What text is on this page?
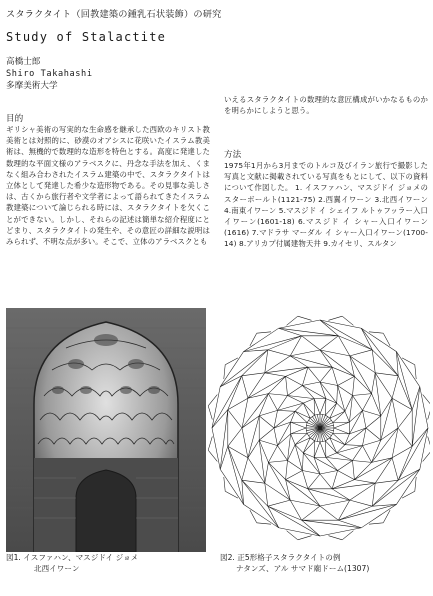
スタラクタイト（回教建築の鍾乳石状装飾）の研究
Study of Stalactite
高橋士郎
Shiro Takahashi
多摩美術大学
目的
ギリシャ美術の写実的な生命感を継承した西欧のキリスト教美術とは対照的に、砂漠のオアシスに花咲いたイスラム教美術は、無機的で数理的な造形を特色とする。高度に発達した数理的な平面文様のアラベスクに、丹念な手法を加え、くまなく組み合わされたイスラム建築の中で、スタラクタイトは立体として発達した希少な造形物である。その見事な美しさは、古くから旅行者や文学者によって語られてきたイスラム教建築について論じられる時には、スタラクタイトを欠くことができない。しかし、それらの記述は簡単な紹介程度にとどまり、スタラクタイトの発生や、その意匠の詳細な説明はみられず、不明な点が多い。そこで、立体のアラベスクとも
いえるスタラクタイトの数理的な意匠構成がいかなるものかを明らかにしようと思う。
方法
1975年1月から3月までのトルコ及びイラン旅行で撮影した写真と文献に掲載されている写真をもとにして、以下の資料について作図した。 1. イスファハン、マスジドイ ジョメのスターボールト(1121-75) 2.西翼イワーン 3.北西イワーン 4.南東イワーン 5.マスジド イ シェイフ ルトゥフッラー入口イワーン(1601-18) 6.マスジド イ シャー入口イワーン(1616) 7.マドラサ マーダル イ シャー入口イワーン(1700-14) 8.アリカプ付属建物天井 9.カイセリ、スルタン
図1. イスファハン、マスジドイ ジョメ
北西イワーン
図2. 正5形格子スタラクタイトの例
ナタンズ、アル サマド廟ドーム(1307)
